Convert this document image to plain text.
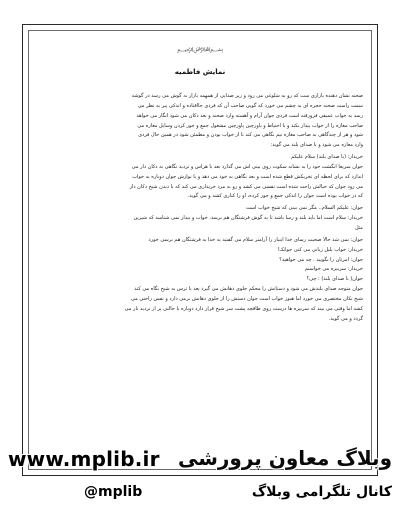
﷽
نمایش فاطمیه

صحنه نشان دهنده بازاری ست که رو به شلوغی می رود و زیر صدایی از همهمه بازار به گوش می رسد در گوشه

سمت راست صحنه حجره ای به چشم می خورد که گویی صاحب آن که فردی جاافتاده و اندکی پیر به نظر می

رسد به خواب عمیقی فرورفته است فردی جوان آرام و آهسته وارد صحنه و بعد دکان می شود انگار می خواهد

صاحب مغازه را از خواب بیدار نکند و با احتیاط و پاورچین پاورچین مشغول جمع و جور کردن وسایل مغازه می

شود و هر از چندگاهی به صاحب مغازه نیم نگاهی می کند تا از خواب بودن و مطمئن شود در همین حال فردی

وارد مغازه می شود و با صدای بلند می گوید:

خریدار: (با صدای بلند) سلام علیکم

جوان سریعا انگشت خود را به نشانه سکوت روی بینی اش می گذارد بعد با هراس و تردید نگاهی به دکان دار می

اندازد که برای لحظه ای تحریکش قطع شده است و بعد نگاهی به خود می دهد و با نوازش جوان دوباره به خواب

می رود جوان که خیالش راحت شده است نفسی می کشد و رو به مرد خریداری می کند که با دیدن شیخ دکان دار

که در خواب بوده است جوان را اندکی جمع و جور کرده، او را کناری کشد و می گوید.

جوان: علیکم السلام.. مگر نمی بینی که شیخ خواب است

خریدار: سلام است اما باید بلند و رسا باشد تا به گوش فرشتگان هم برسد. خواب و بیدار نمی شناسد که شیرین

مثل

جوان: نمی شد حالا صحبت رسای خدا اینبار را آرامتر سلام می گفتید به خدا به فرشتگان هم برسی خورد

خریدار: خواب بلبل زبانی می کنی جوانک!

جوان: امرتان را بگویید . چه می خواهید؟

خریدار: سربیزه می خواستم

جوان( با صدای بلند) : چی؟

جوان متوجه صدای بلندش می شود و دستانش را محکم جلوی دهانش می گیرد بعد با ترس به شیخ نگاه می کند

شیخ تکان مختصری می خورد اما هنوز خواب است جوان دستش را از جلوی دهانش برمی دارد و نفس راحتی می

کشد اما وقتی می بیند که سربیزه ها درست روی طاقچه پشت سر شیخ قرار دارد دوباره با حالتی پر از تردید نار می

گردد و می گوید.

www.mplib.ir وبلاگ معاون پرورشی
@mplib	کانال تلگرامی وبلاگ
